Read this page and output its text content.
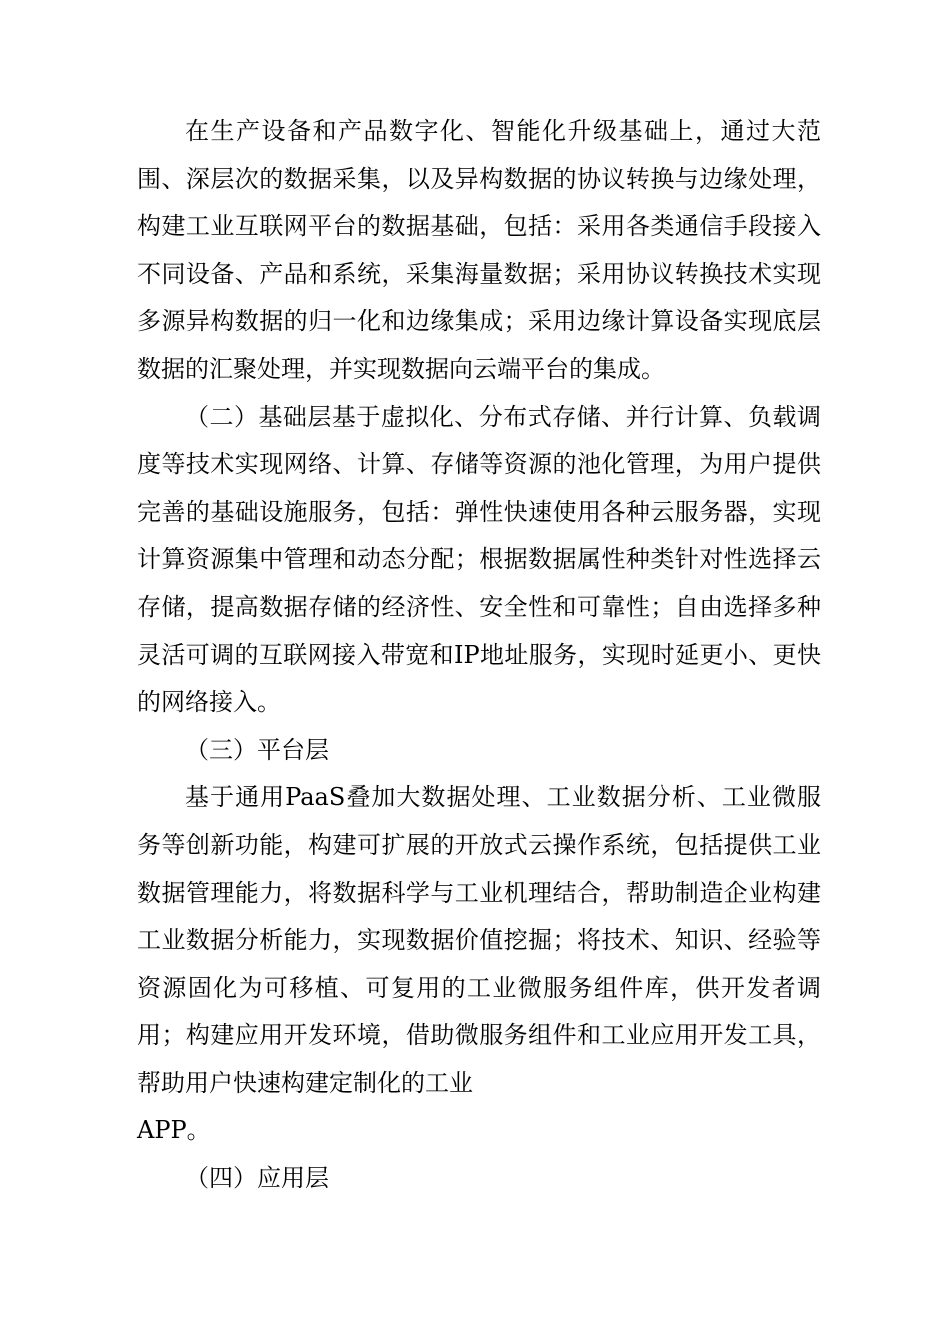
在生产设备和产品数字化、智能化升级基础上，通过大范围、深层次的数据采集，以及异构数据的协议转换与边缘处理，构建工业互联网平台的数据基础，包括：采用各类通信手段接入不同设备、产品和系统，采集海量数据；采用协议转换技术实现多源异构数据的归一化和边缘集成；采用边缘计算设备实现底层数据的汇聚处理，并实现数据向云端平台的集成。

（二）基础层基于虚拟化、分布式存储、并行计算、负载调度等技术实现网络、计算、存储等资源的池化管理，为用户提供完善的基础设施服务，包括：弹性快速使用各种云服务器，实现计算资源集中管理和动态分配；根据数据属性种类针对性选择云存储，提高数据存储的经济性、安全性和可靠性；自由选择多种灵活可调的互联网接入带宽和IP地址服务，实现时延更小、更快的网络接入。

（三）平台层

基于通用PaaS叠加大数据处理、工业数据分析、工业微服务等创新功能，构建可扩展的开放式云操作系统，包括提供工业数据管理能力，将数据科学与工业机理结合，帮助制造企业构建工业数据分析能力，实现数据价值挖掘；将技术、知识、经验等资源固化为可移植、可复用的工业微服务组件库，供开发者调用；构建应用开发环境，借助微服务组件和工业应用开发工具，帮助用户快速构建定制化的工业

APP。

（四）应用层
